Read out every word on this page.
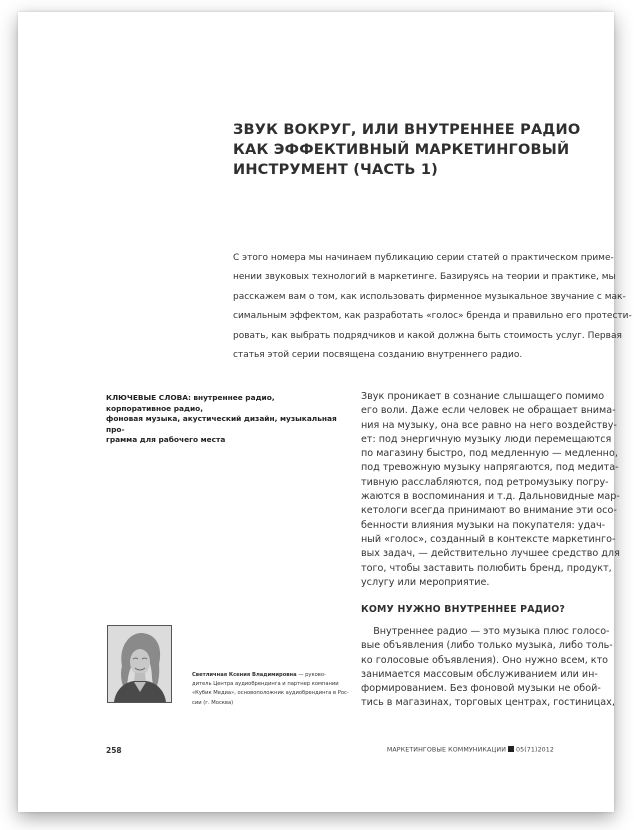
ЗВУК ВОКРУГ, ИЛИ ВНУТРЕННЕЕ РАДИО
КАК ЭФФЕКТИВНЫЙ МАРКЕТИНГОВЫЙ
ИНСТРУМЕНТ (ЧАСТЬ 1)
С этого номера мы начинаем публикацию серии статей о практическом приме-
нении звуковых технологий в маркетинге. Базируясь на теории и практике, мы
расскажем вам о том, как использовать фирменное музыкальное звучание с мак-
симальным эффектом, как разработать «голос» бренда и правильно его протести-
ровать, как выбрать подрядчиков и какой должна быть стоимость услуг. Первая
статья этой серии посвящена созданию внутреннего радио.
КЛЮЧЕВЫЕ СЛОВА: внутреннее радио, корпоративное радио,
фоновая музыка, акустический дизайн, музыкальная про-
грамма для рабочего места
Звук проникает в сознание слышащего помимо
его воли. Даже если человек не обращает внима-
ния на музыку, она все равно на него воздейству-
ет: под энергичную музыку люди перемещаются
по магазину быстро, под медленную — медленно,
под тревожную музыку напрягаются, под медита-
тивную расслабляются, под ретромузыку погру-
жаются в воспоминания и т.д. Дальновидные мар-
кетологи всегда принимают во внимание эти осо-
бенности влияния музыки на покупателя: удач-
ный «голос», созданный в контексте маркетинго-
вых задач, — действительно лучшее средство для
того, чтобы заставить полюбить бренд, продукт,
услугу или мероприятие.
КОМУ НУЖНО ВНУТРЕННЕЕ РАДИО?
Внутреннее радио — это музыка плюс голосо-
вые объявления (либо только музыка, либо толь-
ко голосовые объявления). Оно нужно всем, кто
занимается массовым обслуживанием или ин-
формированием. Без фоновой музыки не обой-
тись в магазинах, торговых центрах, гостиницах,
Светличная Ксения Владимировна — руково-
дитель Центра аудиобрендинга и партнер компании
«Кубик Медиа», основоположник аудиобрендинга в Рос-
сии (г. Москва)
258	МАРКЕТИНГОВЫЕ КОММУНИКАЦИИ 05(71)2012
